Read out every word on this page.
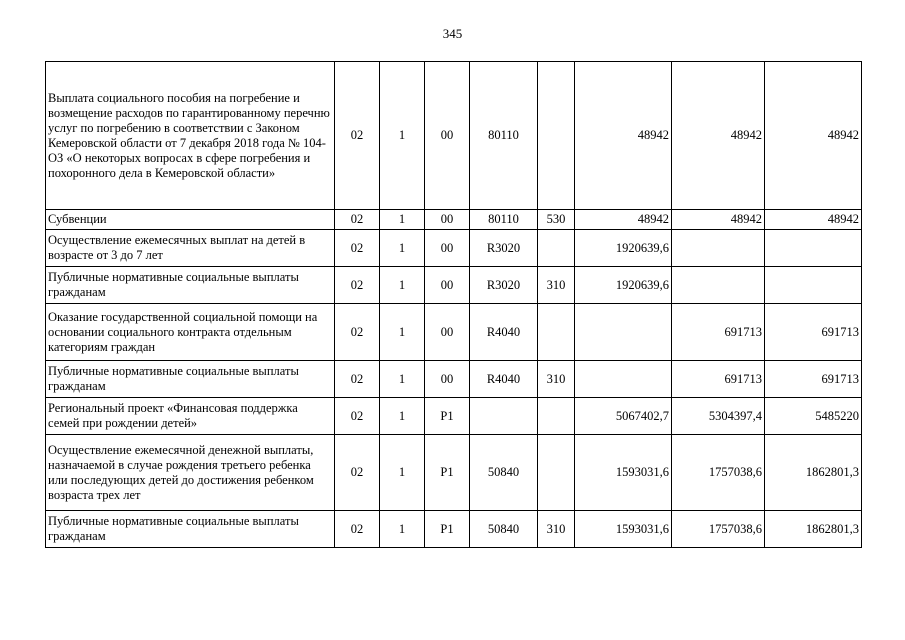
345
Выплата социального пособия на погребение и возмещение расходов по гарантированному перечню услуг по погребению в соответствии с Законом Кемеровской области от 7 декабря 2018 года № 104-ОЗ «О некоторых вопросах в сфере погребения и похоронного дела в Кемеровской области»	02	1	00	80110		48942	48942	48942
Субвенции	02	1	00	80110	530	48942	48942	48942
Осуществление ежемесячных выплат на детей в возрасте от 3 до 7 лет	02	1	00	R3020		1920639,6		
Публичные нормативные социальные выплаты гражданам	02	1	00	R3020	310	1920639,6		
Оказание государственной социальной помощи на основании социального контракта отдельным категориям граждан	02	1	00	R4040			691713	691713
Публичные нормативные социальные выплаты гражданам	02	1	00	R4040	310		691713	691713
Региональный проект «Финансовая поддержка семей при рождении детей»	02	1	P1			5067402,7	5304397,4	5485220
Осуществление ежемесячной денежной выплаты, назначаемой в случае рождения третьего ребенка или последующих детей до достижения ребенком возраста трех лет	02	1	P1	50840		1593031,6	1757038,6	1862801,3
Публичные нормативные социальные выплаты гражданам	02	1	P1	50840	310	1593031,6	1757038,6	1862801,3
